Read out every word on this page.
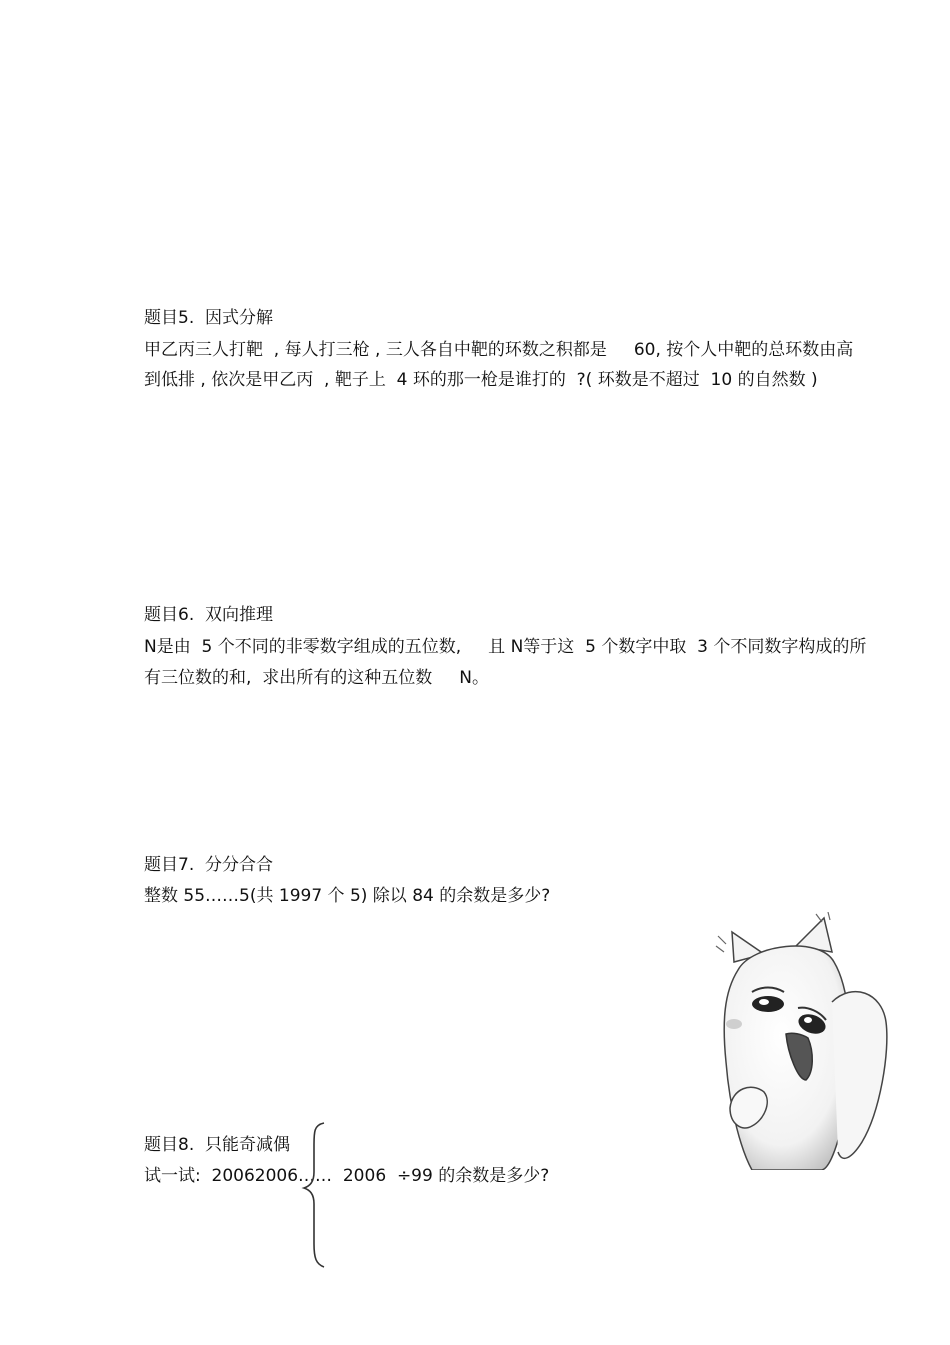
题目5.  因式分解
甲乙丙三人打靶  , 每人打三枪 , 三人各自中靶的环数之积都是     60, 按个人中靶的总环数由高
到低排 , 依次是甲乙丙  , 靶子上  4 环的那一枪是谁打的  ?( 环数是不超过  10 的自然数 )
题目6.  双向推理
N是由  5 个不同的非零数字组成的五位数,     且 N等于这  5 个数字中取  3 个不同数字构成的所
有三位数的和,  求出所有的这种五位数     N。
题目7.  分分合合
整数 55……5(共 1997 个 5) 除以 84 的余数是多少?
题目8.  只能奇减偶
试一试:  20062006……  2006  ÷99 的余数是多少?
